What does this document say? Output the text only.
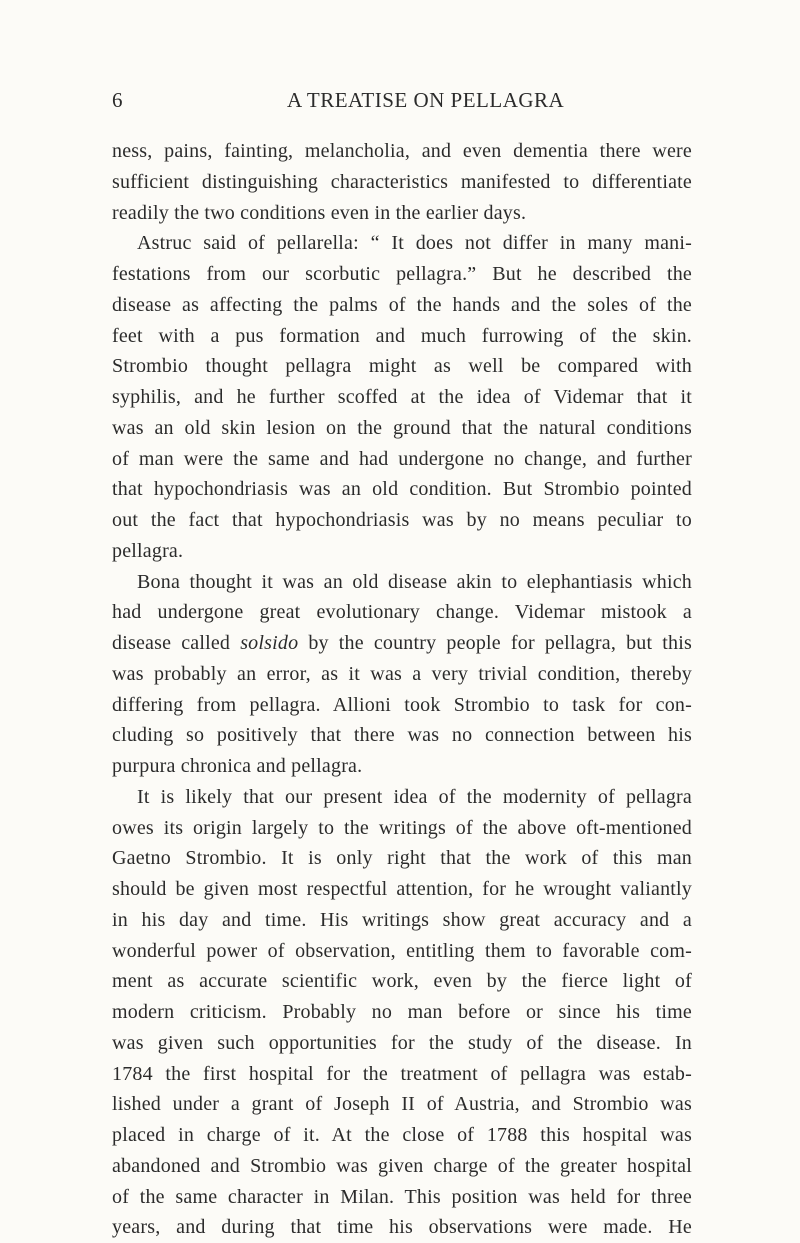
6	A TREATISE ON PELLAGRA
ness, pains, fainting, melancholia, and even dementia there were
sufficient distinguishing characteristics manifested to differentiate
readily the two conditions even in the earlier days.
Astruc said of pellarella: “ It does not differ in many mani-
festations from our scorbutic pellagra.” But he described the
disease as affecting the palms of the hands and the soles of the
feet with a pus formation and much furrowing of the skin.
Strombio thought pellagra might as well be compared with
syphilis, and he further scoffed at the idea of Videmar that it
was an old skin lesion on the ground that the natural conditions
of man were the same and had undergone no change, and further
that hypochondriasis was an old condition. But Strombio pointed
out the fact that hypochondriasis was by no means peculiar to
pellagra.
Bona thought it was an old disease akin to elephantiasis which
had undergone great evolutionary change. Videmar mistook a
disease called solsido by the country people for pellagra, but this
was probably an error, as it was a very trivial condition, thereby
differing from pellagra. Allioni took Strombio to task for con-
cluding so positively that there was no connection between his
purpura chronica and pellagra.
It is likely that our present idea of the modernity of pellagra
owes its origin largely to the writings of the above oft-mentioned
Gaetno Strombio. It is only right that the work of this man
should be given most respectful attention, for he wrought valiantly
in his day and time. His writings show great accuracy and a
wonderful power of observation, entitling them to favorable com-
ment as accurate scientific work, even by the fierce light of
modern criticism. Probably no man before or since his time
was given such opportunities for the study of the disease. In
1784 the first hospital for the treatment of pellagra was estab-
lished under a grant of Joseph II of Austria, and Strombio was
placed in charge of it. At the close of 1788 this hospital was
abandoned and Strombio was given charge of the greater hospital
of the same character in Milan. This position was held for three
years, and during that time his observations were made. He
